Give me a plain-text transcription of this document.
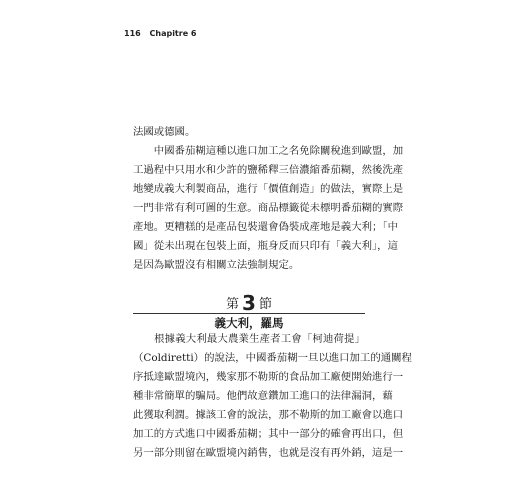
116 Chapitre 6
法國或德國。
　　中國番茄糊這種以進口加工之名免除關稅進到歐盟，加
工過程中只用水和少許的鹽稀釋三倍濃縮番茄糊，然後洗產
地變成義大利製商品，進行「價值創造」的做法，實際上是
一門非常有利可圖的生意。商品標籤從未標明番茄糊的實際
產地。更糟糕的是產品包裝還會偽裝成產地是義大利；「中
國」從未出現在包裝上面，瓶身反而只印有「義大利」，這
是因為歐盟沒有相關立法強制規定。
第 3 節
義大利，羅馬
　　根據義大利最大農業生產者工會「柯迪荷提」
（Coldiretti）的說法，中國番茄糊一旦以進口加工的通關程
序抵達歐盟境內，幾家那不勒斯的食品加工廠便開始進行一
種非常簡單的騙局。他們故意鑽加工進口的法律漏洞，藉
此獲取利潤。據該工會的說法，那不勒斯的加工廠會以進口
加工的方式進口中國番茄糊；其中一部分的確會再出口，但
另一部分則留在歐盟境內銷售，也就是沒有再外銷，這是一
